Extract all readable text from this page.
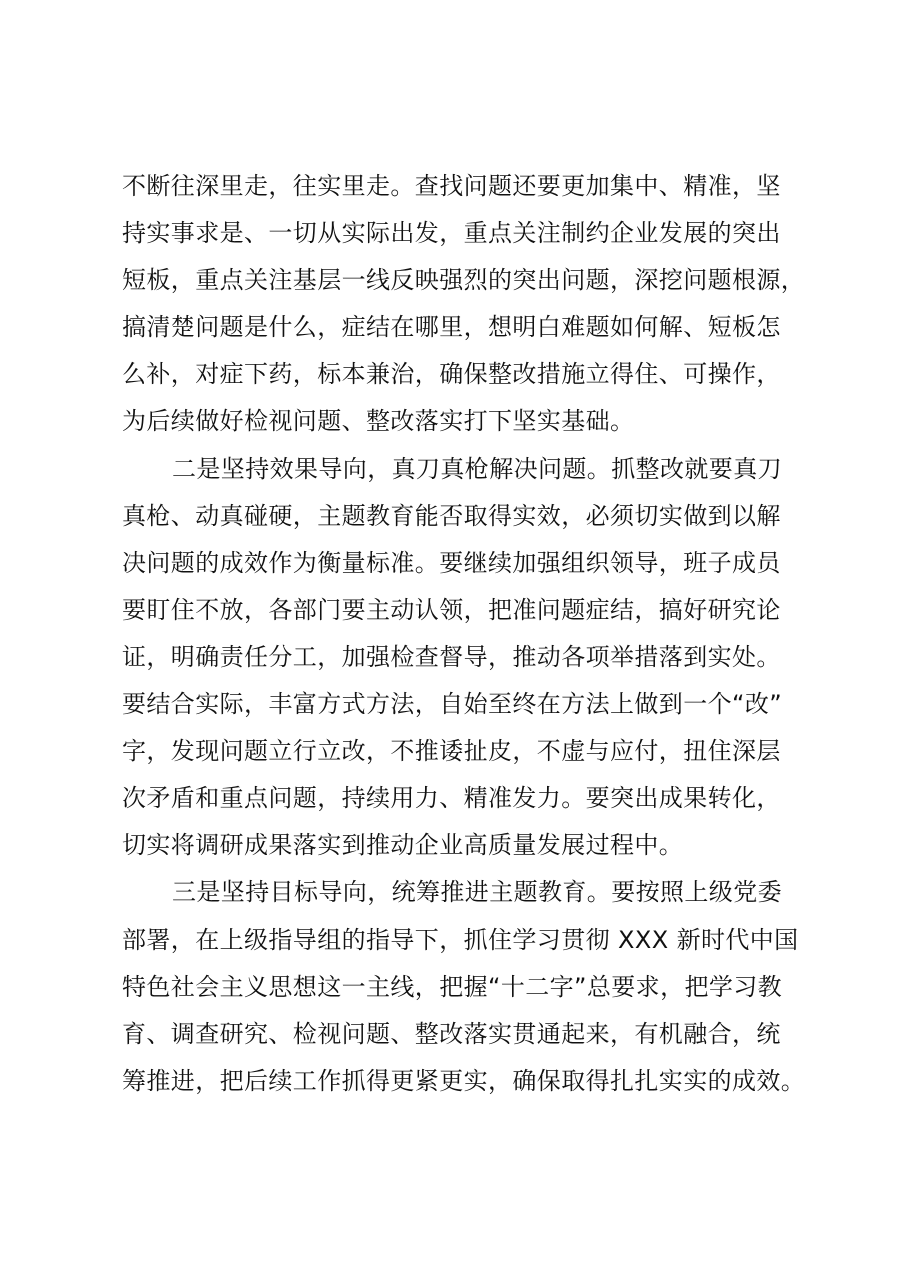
不断往深里走，往实里走。查找问题还要更加集中、精准，坚
持实事求是、一切从实际出发，重点关注制约企业发展的突出
短板，重点关注基层一线反映强烈的突出问题，深挖问题根源，
搞清楚问题是什么，症结在哪里，想明白难题如何解、短板怎
么补，对症下药，标本兼治，确保整改措施立得住、可操作，
为后续做好检视问题、整改落实打下坚实基础。
二是坚持效果导向，真刀真枪解决问题。抓整改就要真刀
真枪、动真碰硬，主题教育能否取得实效，必须切实做到以解
决问题的成效作为衡量标准。要继续加强组织领导，班子成员
要盯住不放，各部门要主动认领，把准问题症结，搞好研究论
证，明确责任分工，加强检查督导，推动各项举措落到实处。
要结合实际，丰富方式方法，自始至终在方法上做到一个“改”
字，发现问题立行立改，不推诿扯皮，不虚与应付，扭住深层
次矛盾和重点问题，持续用力、精准发力。要突出成果转化，
切实将调研成果落实到推动企业高质量发展过程中。
三是坚持目标导向，统筹推进主题教育。要按照上级党委
部署，在上级指导组的指导下，抓住学习贯彻 XXX 新时代中国
特色社会主义思想这一主线，把握“十二字”总要求，把学习教
育、调查研究、检视问题、整改落实贯通起来，有机融合，统
筹推进，把后续工作抓得更紧更实，确保取得扎扎实实的成效。
